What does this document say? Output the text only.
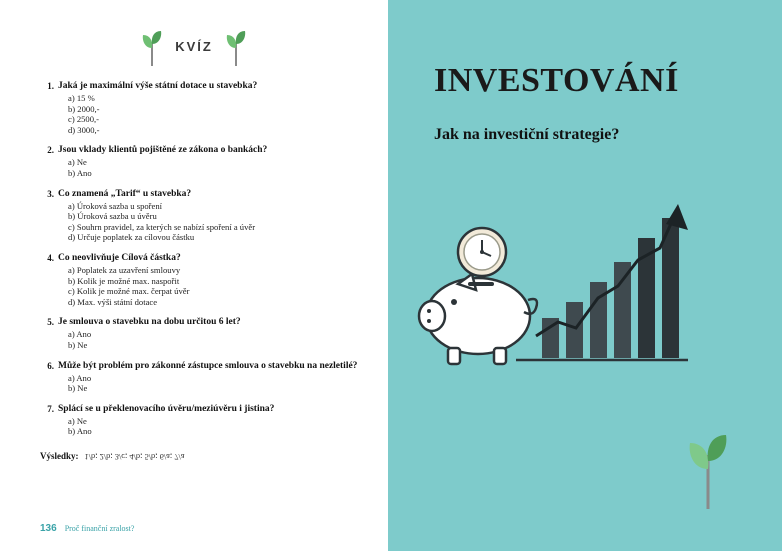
KVÍZ
1. Jaká je maximální výše státní dotace u stavebka?
a) 15 %
b) 2000,-
c) 2500,-
d) 3000,-
2. Jsou vklady klientů pojištěné ze zákona o bankách?
a) Ne
b) Ano
3. Co znamená „Tarif“ u stavebka?
a) Úroková sazba u spoření
b) Úroková sazba u úvěru
c) Souhrn pravidel, za kterých se nabízí spoření a úvěr
d) Určuje poplatek za cílovou částku
4. Co neovlivňuje Cílová částka?
a) Poplatek za uzavření smlouvy
b) Kolik je možné max. naspořit
c) Kolik je možné max. čerpat úvěr
d) Max. výši státní dotace
5. Je smlouva o stavebku na dobu určitou 6 let?
a) Ano
b) Ne
6. Může být problém pro zákonné zástupce smlouva o stavebku na nezletilé?
a) Ano
b) Ne
7. Splácí se u překlenovacího úvěru/meziúvěru i jistina?
a) Ne
b) Ano
Výsledky: 1/b; 2/b; 3/c; 4/b; 5/b; 6/a; 7/a
136 Proč finanční zralost?
INVESTOVÁNÍ
Jak na investiční strategie?
